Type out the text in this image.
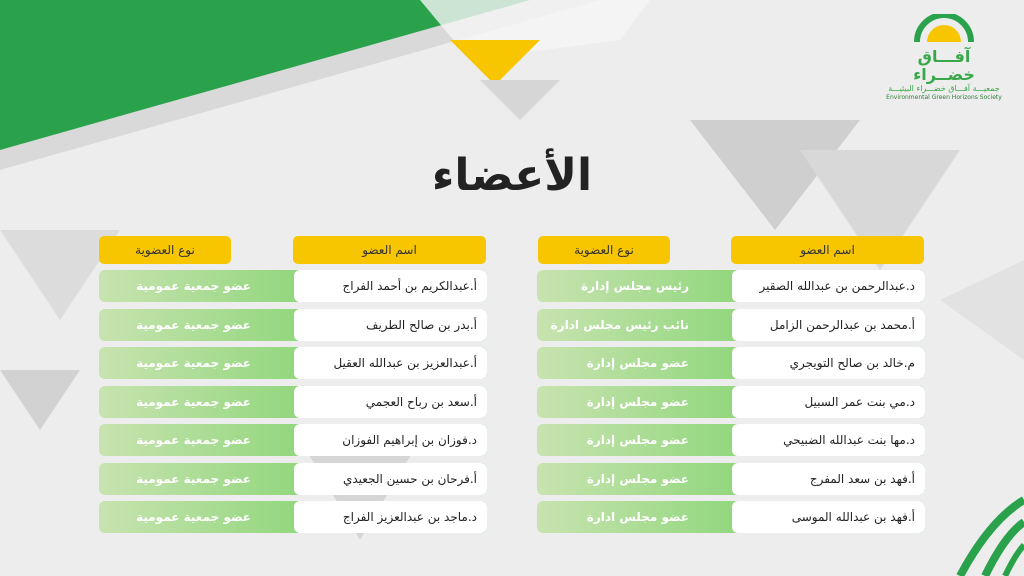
آفـــاق خضــراء
جمعيـــة آفـــاق خضـــراء البيئيـــة
Environmental Green Horizons Society
الأعضاء
اسم العضو
نوع العضوية
رئيس مجلس إدارة	د.عبدالرحمن بن عبدالله الصقير
نائب رئيس مجلس ادارة	أ.محمد بن عبدالرحمن الزامل
عضو مجلس إدارة	م.خالد بن صالح التويجري
عضو مجلس إدارة	د.مي بنت عمر السبيل
عضو مجلس إدارة	د.مها بنت عبدالله الضبيحي
عضو مجلس إدارة	أ.فهد بن سعد المفرج
عضو مجلس ادارة	أ.فهد بن عبدالله الموسى
اسم العضو
نوع العضوية
عضو جمعية عمومية	أ.عبدالكريم بن أحمد الفراج
عضو جمعية عمومية	أ.بدر بن صالح الطريف
عضو جمعية عمومية	أ.عبدالعزيز بن عبدالله العقيل
عضو جمعية عمومية	أ.سعد بن رباح العجمي
عضو جمعية عمومية	د.فوزان بن إبراهيم الفوزان
عضو جمعية عمومية	أ.فرحان بن حسين الجعيدي
عضو جمعية عمومية	د.ماجد بن عبدالعزيز الفراج
